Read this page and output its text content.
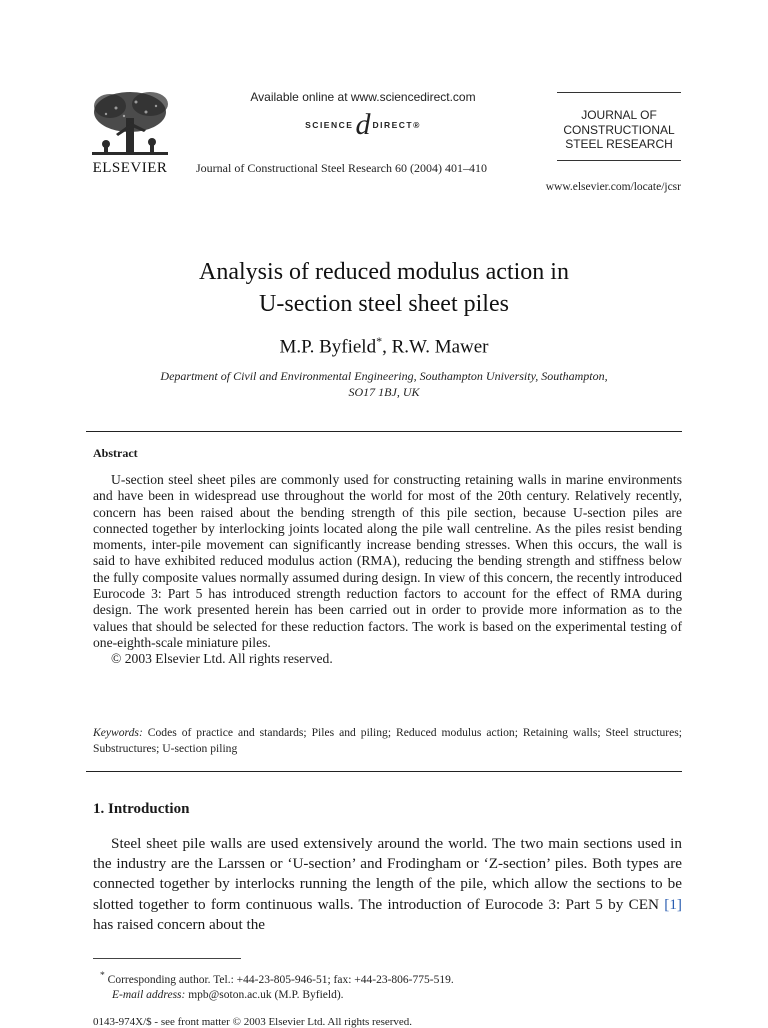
ELSEVIER
Available online at www.sciencedirect.com
SCIENCE d DIRECT®
Journal of Constructional Steel Research 60 (2004) 401–410
JOURNAL OF
CONSTRUCTIONAL
STEEL RESEARCH
www.elsevier.com/locate/jcsr
Analysis of reduced modulus action in
U-section steel sheet piles
M.P. Byfield*, R.W. Mawer
Department of Civil and Environmental Engineering, Southampton University, Southampton,
SO17 1BJ, UK
Abstract

U-section steel sheet piles are commonly used for constructing retaining walls in marine environments and have been in widespread use throughout the world for most of the 20th century. Relatively recently, concern has been raised about the bending strength of this pile section, because U-section piles are connected together by interlocking joints located along the pile wall centreline. As the piles resist bending moments, inter-pile movement can significantly increase bending stresses. When this occurs, the wall is said to have exhibited reduced modulus action (RMA), reducing the bending strength and stiffness below the fully composite values normally assumed during design. In view of this concern, the recently introduced Eurocode 3: Part 5 has introduced strength reduction factors to account for the effect of RMA during design. The work presented herein has been carried out in order to provide more information as to the values that should be selected for these reduction factors. The work is based on the experimental testing of one-eighth-scale miniature piles.

© 2003 Elsevier Ltd. All rights reserved.

Keywords: Codes of practice and standards; Piles and piling; Reduced modulus action; Retaining walls; Steel structures; Substructures; U-section piling
1. Introduction

Steel sheet pile walls are used extensively around the world. The two main sections used in the industry are the Larssen or ‘U-section’ and Frodingham or ‘Z-section’ piles. Both types are connected together by interlocks running the length of the pile, which allow the sections to be slotted together to form continuous walls. The introduction of Eurocode 3: Part 5 by CEN [1] has raised concern about the

* Corresponding author. Tel.: +44-23-805-946-51; fax: +44-23-806-775-519.
E-mail address: mpb@soton.ac.uk (M.P. Byfield).
0143-974X/$ - see front matter © 2003 Elsevier Ltd. All rights reserved.
